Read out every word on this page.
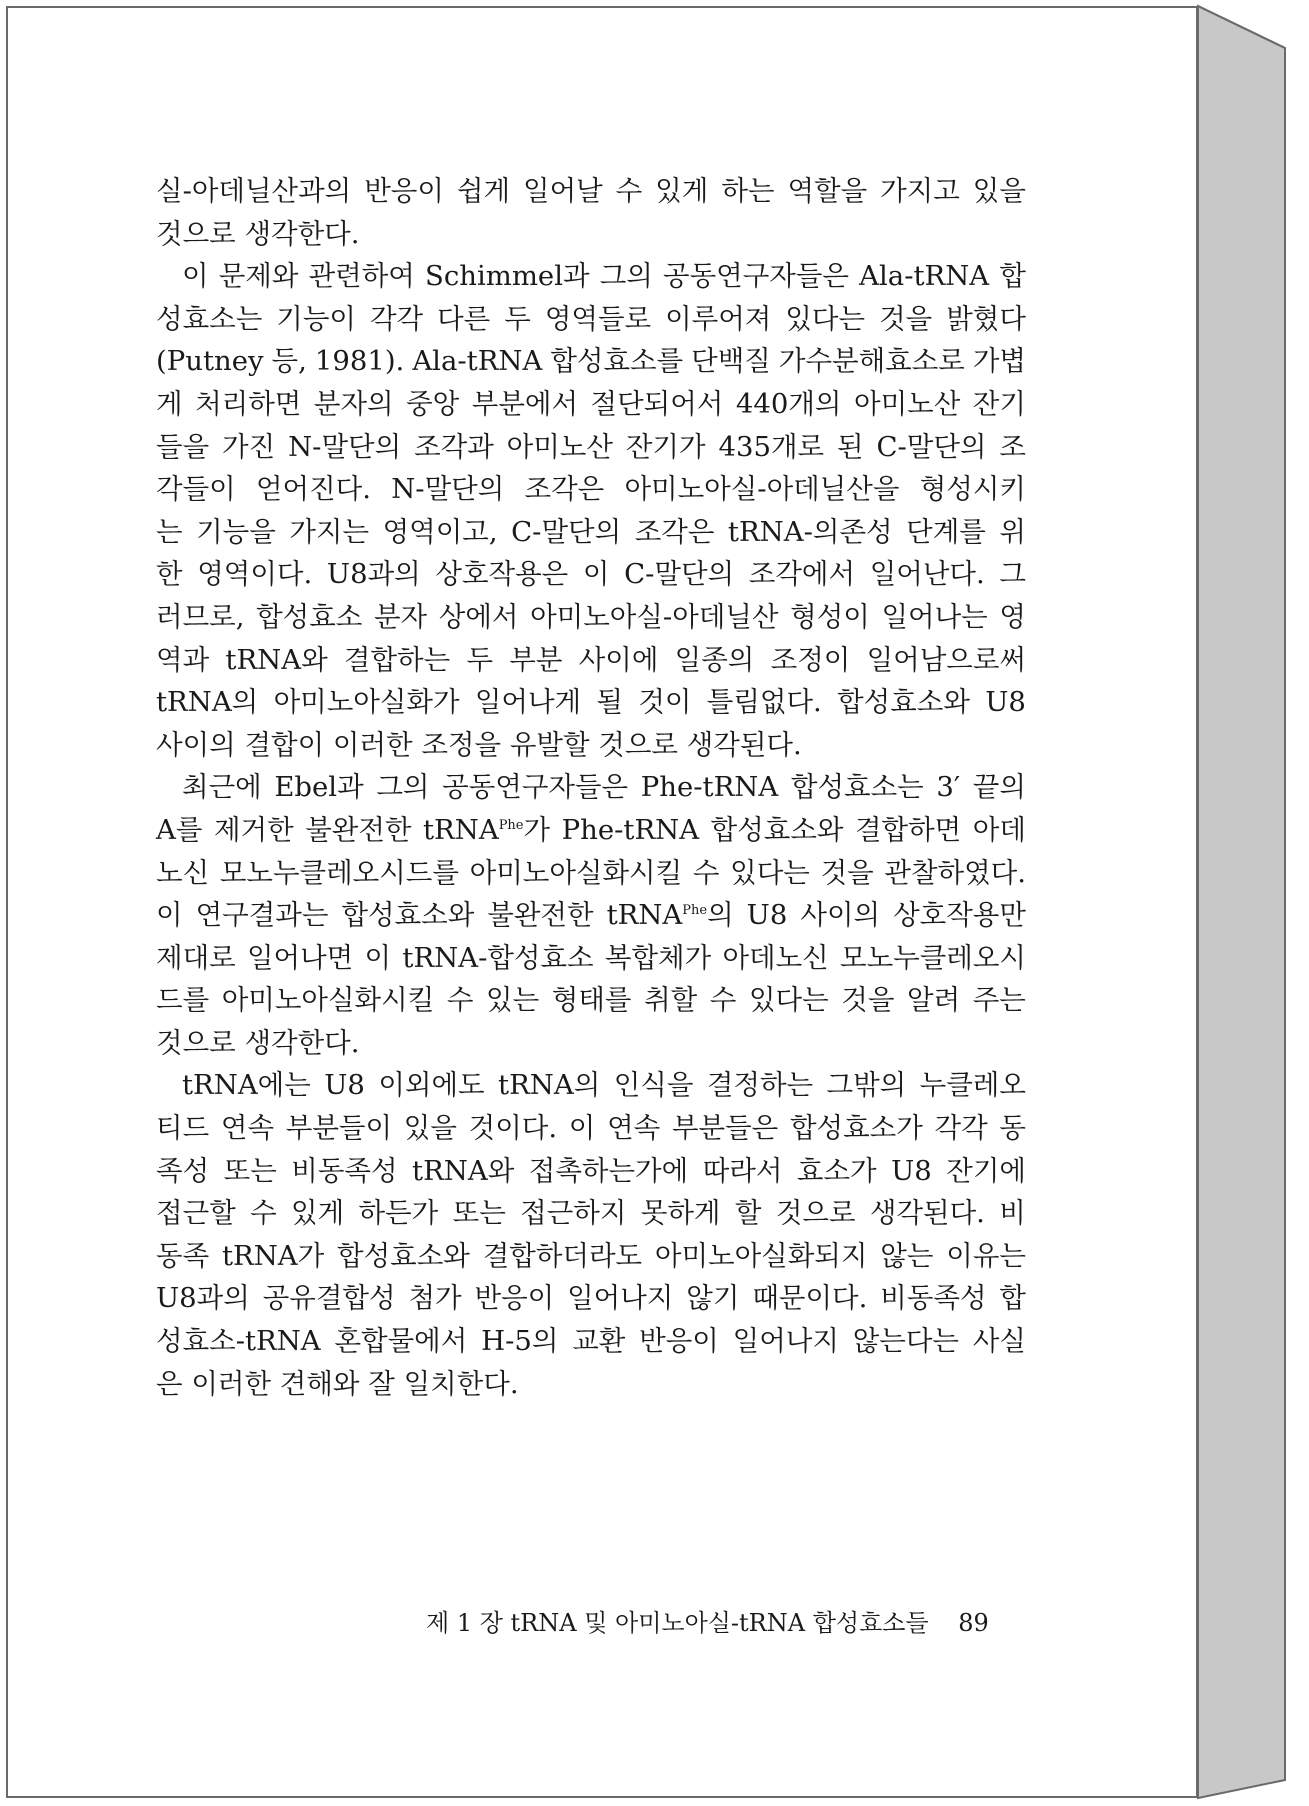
실-아데닐산과의 반응이 쉽게 일어날 수 있게 하는 역할을 가지고 있을
것으로
생각한다.
이 문제와 관련하여 Schimmel과 그의 공동연구자들은 Ala-tRNA 합
성효소는 기능이 각각 다른 두 영역들로 이루어져 있다는 것을 밝혔다
(Putney 등, 1981). Ala-tRNA 합성효소를 단백질 가수분해효소로 가볍
게 처리하면 분자의 중앙 부분에서 절단되어서 440개의 아미노산 잔기
들을 가진 N-말단의 조각과 아미노산 잔기가 435개로 된 C-말단의 조
각들이 얻어진다. N-말단의 조각은 아미노아실-아데닐산을 형성시키
는 기능을 가지는 영역이고, C-말단의 조각은 tRNA-의존성 단계를 위
한 영역이다. U8과의 상호작용은 이 C-말단의 조각에서 일어난다. 그
러므로, 합성효소 분자 상에서 아미노아실-아데닐산 형성이 일어나는 영
역과 tRNA와 결합하는 두 부분 사이에 일종의 조정이 일어남으로써
tRNA의 아미노아실화가 일어나게 될 것이 틀림없다. 합성효소와 U8
사이의
결합이
이러한
조정을
유발할
것으로
생각된다.
최근에 Ebel과 그의 공동연구자들은 Phe-tRNA 합성효소는 3′ 끝의
A를 제거한 불완전한 tRNA$^{Phe}$가 Phe-tRNA 합성효소와 결합하면 아데
노신 모노누클레오시드를 아미노아실화시킬 수 있다는 것을 관찰하였다.
이 연구결과는 합성효소와 불완전한 tRNA$^{Phe}$의 U8 사이의 상호작용만
제대로 일어나면 이 tRNA-합성효소 복합체가 아데노신 모노누클레오시
드를 아미노아실화시킬 수 있는 형태를 취할 수 있다는 것을 알려 주는
것으로
생각한다.
tRNA에는 U8 이외에도 tRNA의 인식을 결정하는 그밖의 누클레오
티드 연속 부분들이 있을 것이다. 이 연속 부분들은 합성효소가 각각 동
족성 또는 비동족성 tRNA와 접촉하는가에 따라서 효소가 U8 잔기에
접근할 수 있게 하든가 또는 접근하지 못하게 할 것으로 생각된다. 비
동족 tRNA가 합성효소와 결합하더라도 아미노아실화되지 않는 이유는
U8과의 공유결합성 첨가 반응이 일어나지 않기 때문이다. 비동족성 합
성효소-tRNA 혼합물에서 H-5의 교환 반응이 일어나지 않는다는 사실
은
이러한
견해와
잘
일치한다.
제 1 장 tRNA 및 아미노아실-tRNA 합성효소들 89
